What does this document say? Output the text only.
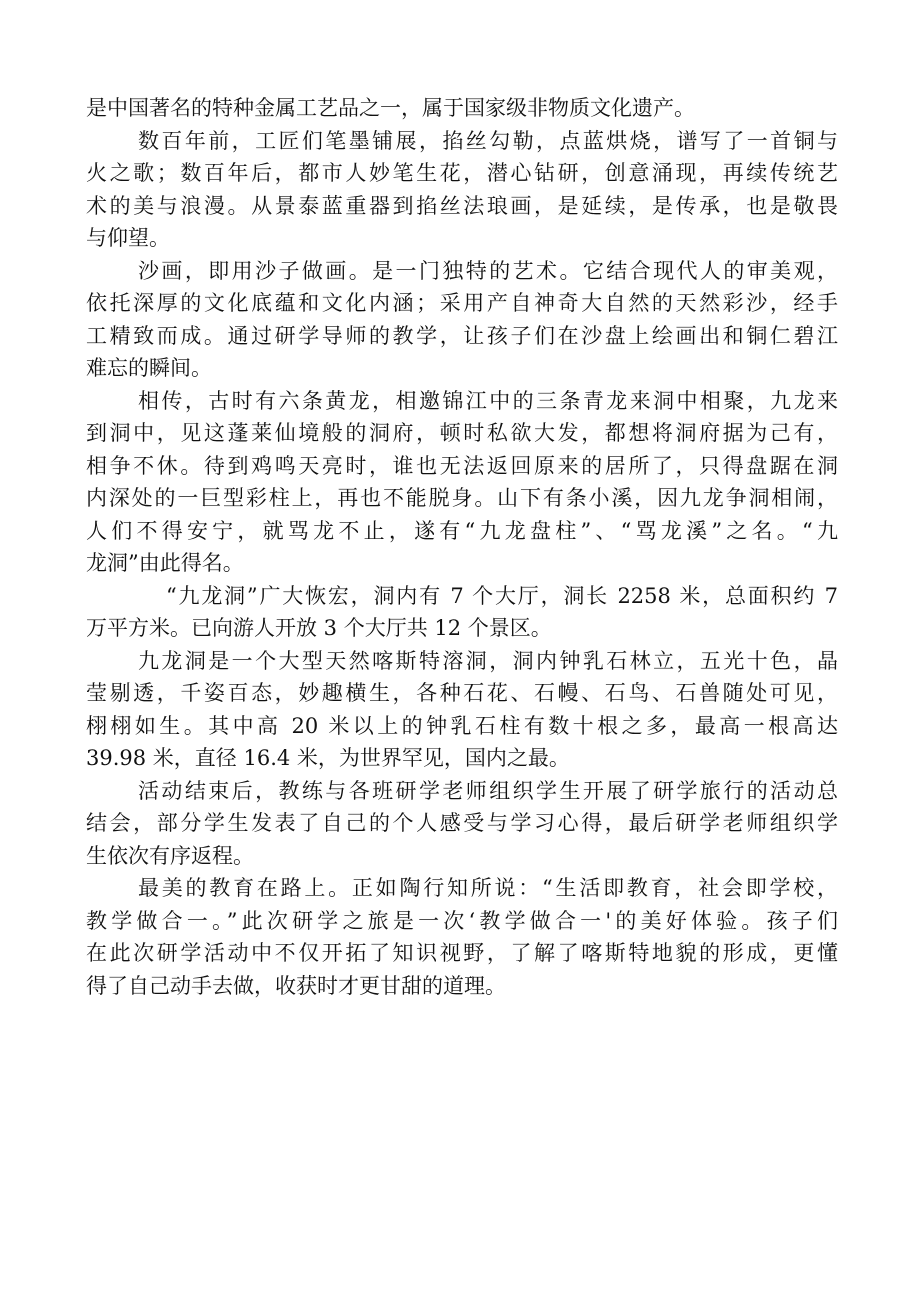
是中国著名的特种金属工艺品之一，属于国家级非物质文化遗产。
数百年前，工匠们笔墨铺展，掐丝勾勒，点蓝烘烧，谱写了一首铜与
火之歌；数百年后，都市人妙笔生花，潜心钻研，创意涌现，再续传统艺
术的美与浪漫。从景泰蓝重器到掐丝法琅画，是延续，是传承，也是敬畏
与仰望。
沙画，即用沙子做画。是一门独特的艺术。它结合现代人的审美观，
依托深厚的文化底蕴和文化内涵；采用产自神奇大自然的天然彩沙，经手
工精致而成。通过研学导师的教学，让孩子们在沙盘上绘画出和铜仁碧江
难忘的瞬间。
相传，古时有六条黄龙，相邀锦江中的三条青龙来洞中相聚，九龙来
到洞中，见这蓬莱仙境般的洞府，顿时私欲大发，都想将洞府据为己有，
相争不休。待到鸡鸣天亮时，谁也无法返回原来的居所了，只得盘踞在洞
内深处的一巨型彩柱上，再也不能脱身。山下有条小溪，因九龙争洞相闹，
人们不得安宁，就骂龙不止，遂有“九龙盘柱”、“骂龙溪”之名。“九
龙洞”由此得名。
“九龙洞”广大恢宏，洞内有 7 个大厅，洞长 2258 米，总面积约 7
万平方米。已向游人开放 3 个大厅共 12 个景区。
九龙洞是一个大型天然喀斯特溶洞，洞内钟乳石林立，五光十色，晶
莹剔透，千姿百态，妙趣横生，各种石花、石幔、石鸟、石兽随处可见，
栩栩如生。其中高 20 米以上的钟乳石柱有数十根之多，最高一根高达
39.98 米，直径 16.4 米，为世界罕见，国内之最。
活动结束后，教练与各班研学老师组织学生开展了研学旅行的活动总
结会，部分学生发表了自己的个人感受与学习心得，最后研学老师组织学
生依次有序返程。
最美的教育在路上。正如陶行知所说：“生活即教育，社会即学校，
教学做合一。”此次研学之旅是一次‘教学做合一'的美好体验。孩子们
在此次研学活动中不仅开拓了知识视野，了解了喀斯特地貌的形成，更懂
得了自己动手去做，收获时才更甘甜的道理。
